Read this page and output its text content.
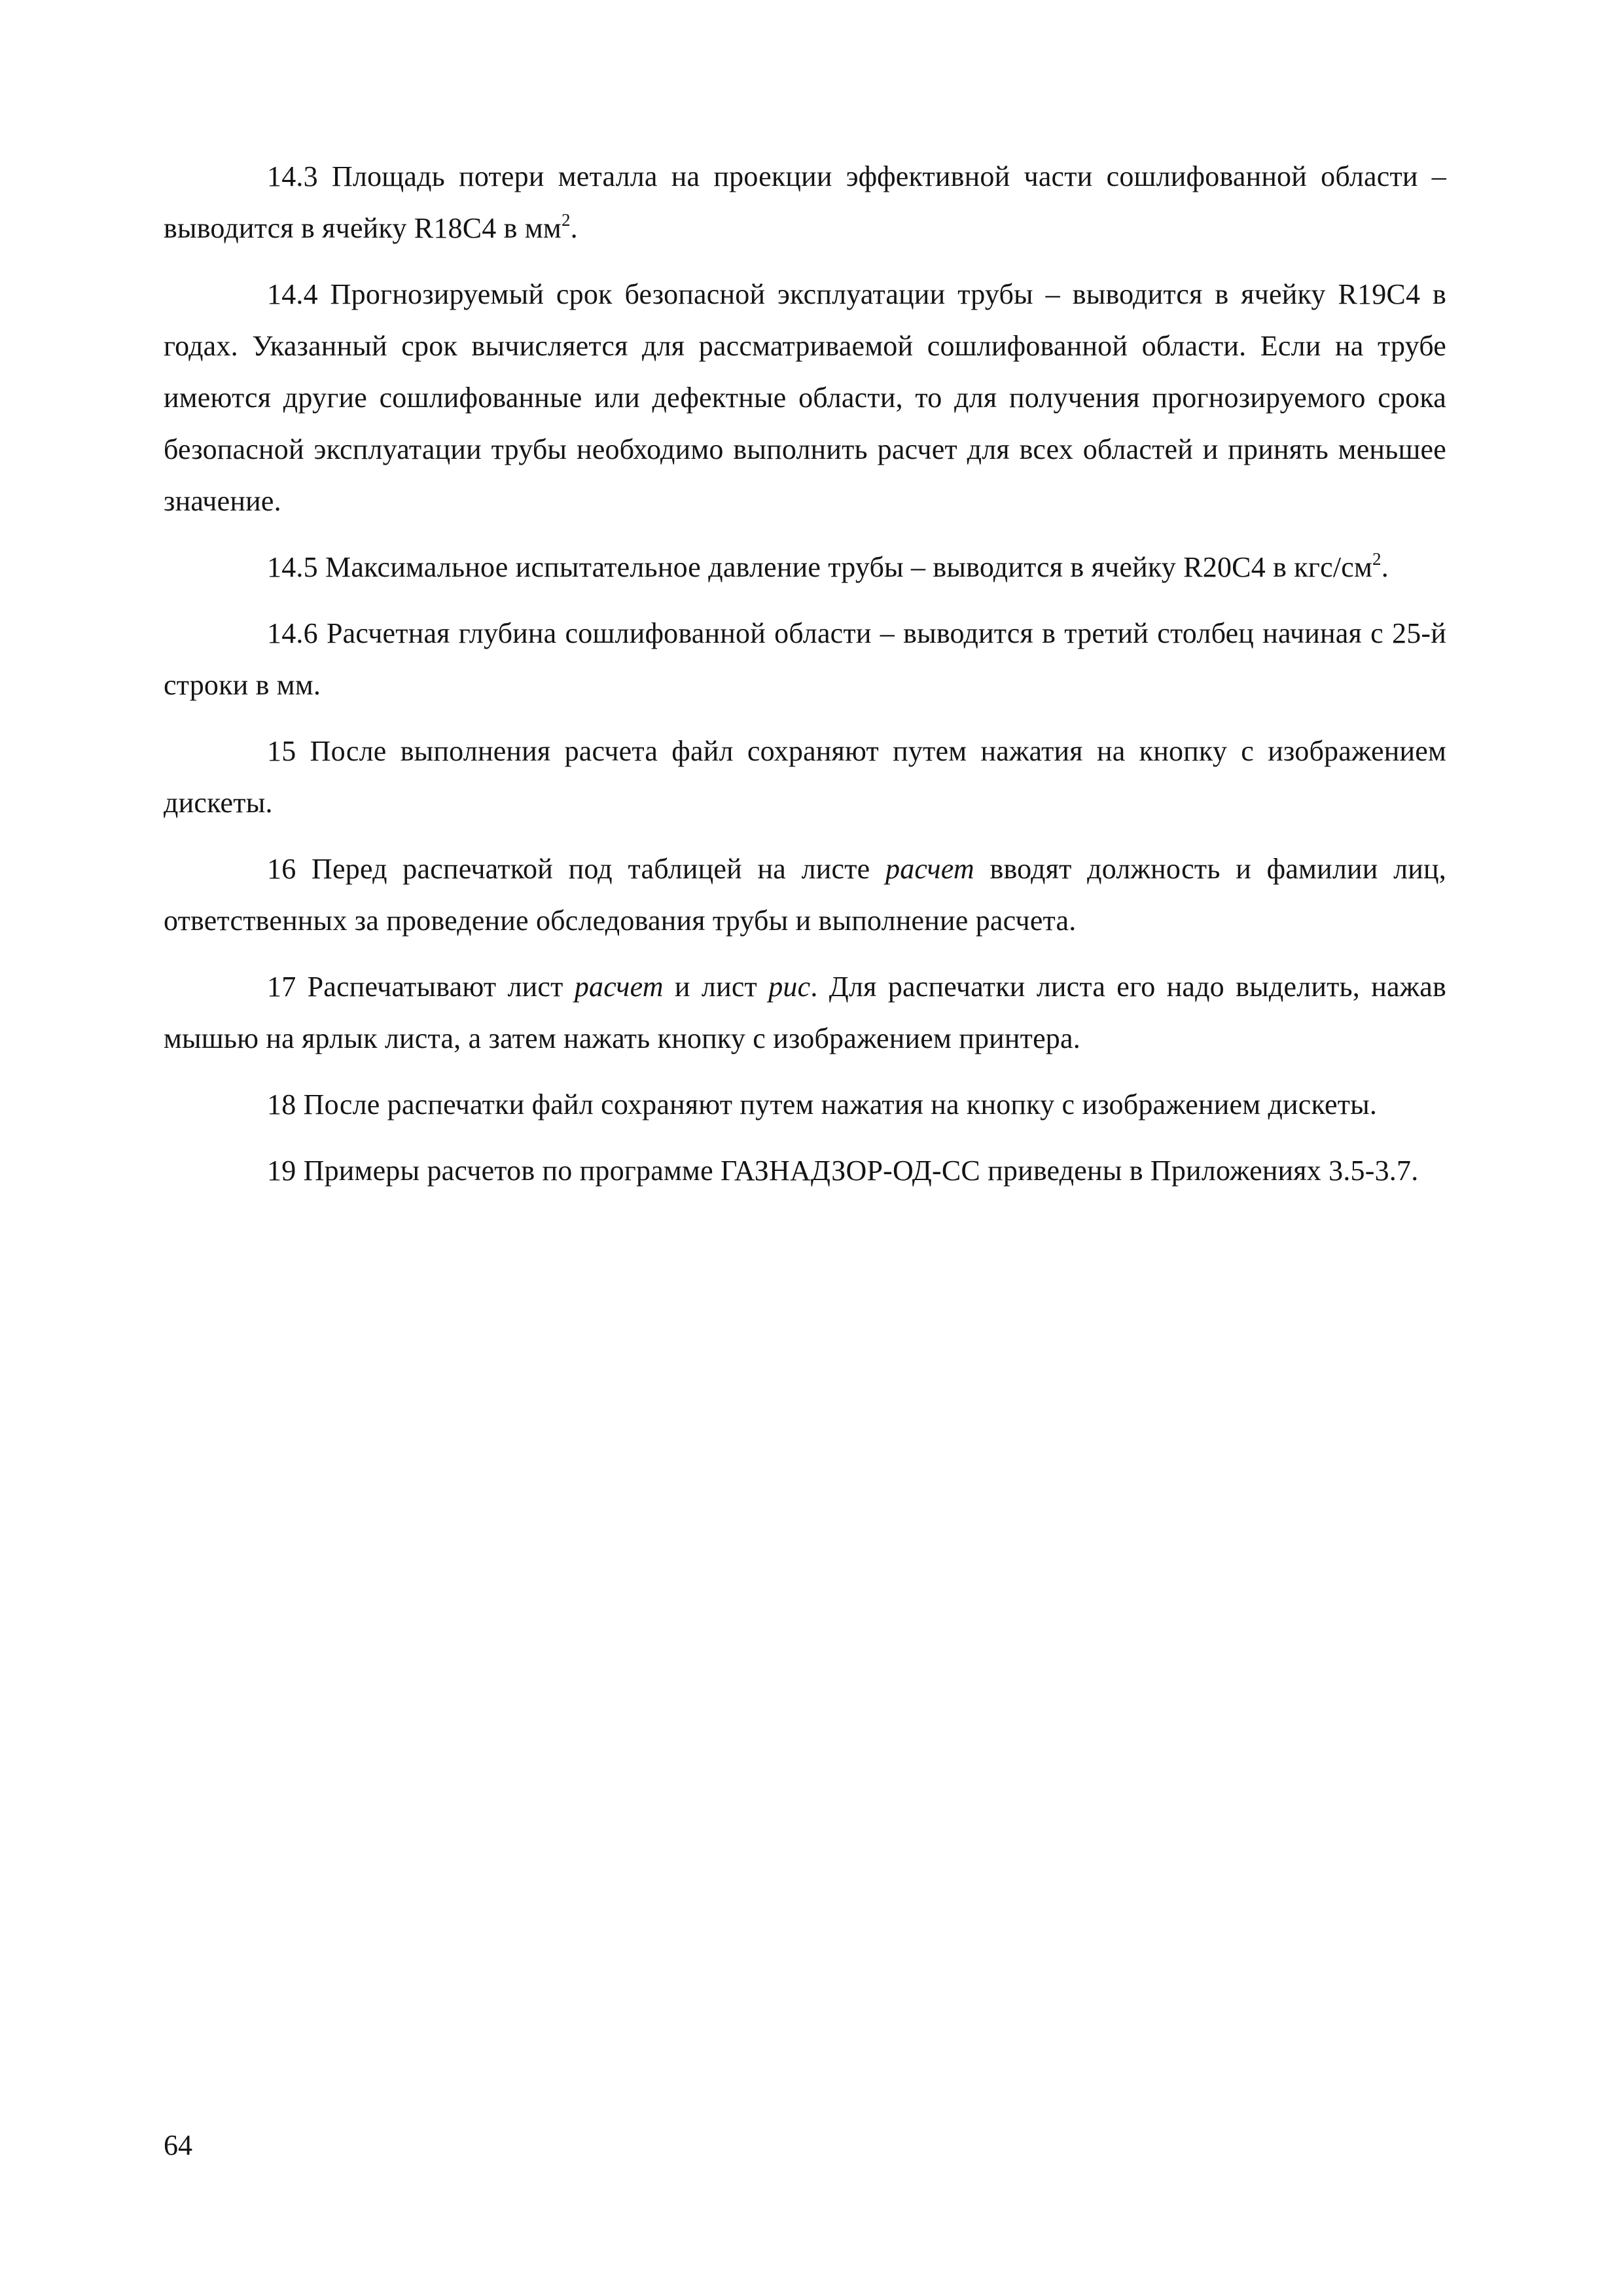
14.3 Площадь потери металла на проекции эффективной части сошлифованной области – выводится в ячейку R18C4 в $мм^2$.

14.4 Прогнозируемый срок безопасной эксплуатации трубы – выводится в ячейку R19C4 в годах. Указанный срок вычисляется для рассматриваемой сошлифованной области. Если на трубе имеются другие сошлифованные или дефектные области, то для получения прогнозируемого срока безопасной эксплуатации трубы необходимо выполнить расчет для всех областей и принять меньшее значение.

14.5 Максимальное испытательное давление трубы – выводится в ячейку R20C4 в кгс/$см^2$.

14.6 Расчетная глубина сошлифованной области – выводится в третий столбец начиная с 25-й строки в мм.

15 После выполнения расчета файл сохраняют путем нажатия на кнопку с изображением дискеты.

16 Перед распечаткой под таблицей на листе расчет вводят должность и фамилии лиц, ответственных за проведение обследования трубы и выполнение расчета.

17 Распечатывают лист расчет и лист рис. Для распечатки листа его надо выделить, нажав мышью на ярлык листа, а затем нажать кнопку с изображением принтера.

18 После распечатки файл сохраняют путем нажатия на кнопку с изображением дискеты.

19 Примеры расчетов по программе ГАЗНАДЗОР-ОД-СС приведены в Приложениях 3.5-3.7.

64
